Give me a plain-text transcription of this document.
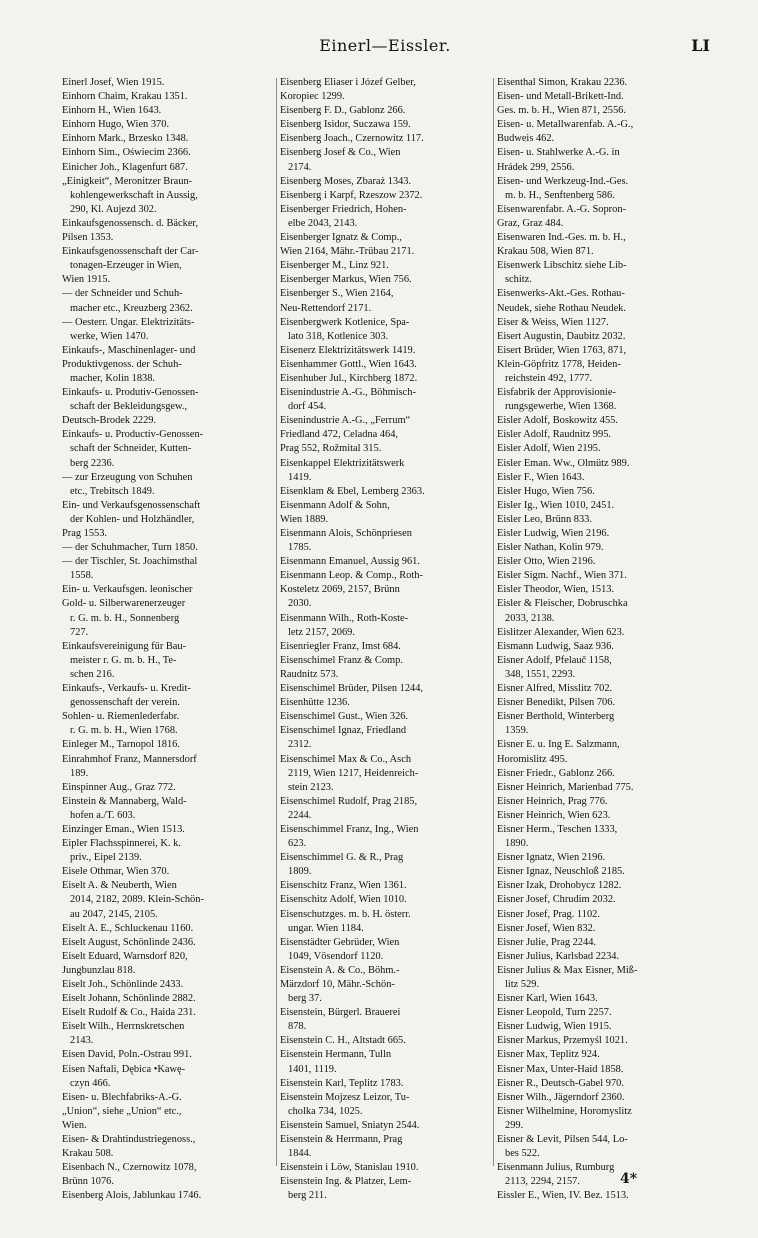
Einerl—Eissler.	LI
Einerl Josef, Wien 1915.
Einhorn Chaim, Krakau 1351.
Einhorn H., Wien 1643.
Einhorn Hugo, Wien 370.
Einhorn Mark., Brzesko 1348.
Einhorn Sim., Oświecim 2366.
Einicher Joh., Klagenfurt 687.
„Einigkeit“, Meronitzer Braun-
kohlengewerkschaft in Aussig,
290, Kl. Aujezd 302.
Einkaufsgenossensch. d. Bäcker,
Pilsen 1353.
Einkaufsgenossenschaft der Car-
tonagen-Erzeuger in Wien,
Wien 1915.
— der Schneider und Schuh-
macher etc., Kreuzberg 2362.
— Oesterr. Ungar. Elektrizitäts-
werke, Wien 1470.
Einkaufs-, Maschinenlager- und
Produktivgenoss. der Schuh-
macher, Kolin 1838.
Einkaufs- u. Produtiv-Genossen-
schaft der Bekleidungsgew.,
Deutsch-Brodek 2229.
Einkaufs- u. Productiv-Genossen-
schaft der Schneider, Kutten-
berg 2236.
— zur Erzeugung von Schuhen
etc., Trebitsch 1849.
Ein- und Verkaufsgenossenschaft
der Kohlen- und Holzhändler,
Prag 1553.
— der Schuhmacher, Turn 1850.
— der Tischler, St. Joachimsthal
1558.
Ein- u. Verkaufsgen. leonischer
Gold- u. Silberwarenerzeuger
r. G. m. b. H., Sonnenberg
727.
Einkaufsvereinigung für Bau-
meister r. G. m. b. H., Te-
schen 216.
Einkaufs-, Verkaufs- u. Kredit-
genossenschaft der verein.
Sohlen- u. Riemenlederfabr.
r. G. m. b. H., Wien 1768.
Einleger M., Tarnopol 1816.
Einrahmhof Franz, Mannersdorf
189.
Einspinner Aug., Graz 772.
Einstein & Mannaberg, Wald-
hofen a./T. 603.
Einzinger Eman., Wien 1513.
Eipler Flachsspinnerei, K. k.
priv., Eipel 2139.
Eisele Othmar, Wien 370.
Eiselt A. & Neuberth, Wien
2014, 2182, 2089. Klein-Schön-
au 2047, 2145, 2105.
Eiselt A. E., Schluckenau 1160.
Eiselt August, Schönlinde 2436.
Eiselt Eduard, Warnsdorf 820,
Jungbunzlau 818.
Eiselt Joh., Schönlinde 2433.
Eiselt Johann, Schönlinde 2882.
Eiselt Rudolf & Co., Haida 231.
Eiselt Wilh., Herrnskretschen
2143.
Eisen David, Poln.-Ostrau 991.
Eisen Naftali, Dębica •Kawę-
czyn 466.
Eisen- u. Blechfabriks-A.-G.
„Union“, siehe „Union“ etc.,
Wien.
Eisen- & Drahtindustriegenoss.,
Krakau 508.
Eisenbach N., Czernowitz 1078,
Brünn 1076.
Eisenberg Alois, Jablunkau 1746.
Eisenberg Eliaser i Józef Gelber,
Koropiec 1299.
Eisenberg F. D., Gablonz 266.
Eisenberg Isidor, Suczawa 159.
Eisenberg Joach., Czernowitz 117.
Eisenberg Josef & Co., Wien
2174.
Eisenberg Moses, Zbaraż 1343.
Eisenberg i Karpf, Rzeszow 2372.
Eisenberger Friedrich, Hohen-
elbe 2043, 2143.
Eisenberger Ignatz & Comp.,
Wien 2164, Mähr.-Trübau 2171.
Eisenberger M., Linz 921.
Eisenberger Markus, Wien 756.
Eisenberger S., Wien 2164,
Neu-Rettendorf 2171.
Eisenbergwerk Kotlenice, Spa-
lato 318, Kotlenice 303.
Eisenerz Elektrizitätswerk 1419.
Eisenhammer Gottl., Wien 1643.
Eisenhuber Jul., Kirchberg 1872.
Eisenindustrie A.-G., Böhmisch-
dorf 454.
Eisenindustrie A.-G., „Ferrum“
Friedland 472, Celadna 464,
Prag 552, Rožmital 315.
Eisenkappel Elektrizitätswerk
1419.
Eisenklam & Ebel, Lemberg 2363.
Eisenmann Adolf & Sohn,
Wien 1889.
Eisenmann Alois, Schönpriesen
1785.
Eisenmann Emanuel, Aussig 961.
Eisenmann Leop. & Comp., Roth-
Kosteletz 2069, 2157, Brünn
2030.
Eisenmann Wilh., Roth-Koste-
letz 2157, 2069.
Eisenriegler Franz, Imst 684.
Eisenschimel Franz & Comp.
Raudnitz 573.
Eisenschimel Brüder, Pilsen 1244,
Eisenhütte 1236.
Eisenschimel Gust., Wien 326.
Eisenschimel Ignaz, Friedland
2312.
Eisenschimel Max & Co., Asch
2119, Wien 1217, Heidenreich-
stein 2123.
Eisenschimel Rudolf, Prag 2185,
2244.
Eisenschimmel Franz, Ing., Wien
623.
Eisenschimmel G. & R., Prag
1809.
Eisenschitz Franz, Wien 1361.
Eisenschitz Adolf, Wien 1010.
Eisenschutzges. m. b. H. österr.
ungar. Wien 1184.
Eisenstädter Gebrüder, Wien
1049, Vösendorf 1120.
Eisenstein A. & Co., Böhm.-
Märzdorf 10, Mähr.-Schön-
berg 37.
Eisenstein, Bürgerl. Brauerei
878.
Eisenstein C. H., Altstadt 665.
Eisenstein Hermann, Tulln
1401, 1119.
Eisenstein Karl, Teplitz 1783.
Eisenstein Mojzesz Leizor, Tu-
cholka 734, 1025.
Eisenstein Samuel, Sniatyn 2544.
Eisenstein & Herrmann, Prag
1844.
Eisenstein i Löw, Stanislau 1910.
Eisenstein Ing. & Platzer, Lem-
berg 211.
Eisenthal Simon, Krakau 2236.
Eisen- und Metall-Brikett-Ind.
Ges. m. b. H., Wien 871, 2556.
Eisen- u. Metallwarenfab. A.-G.,
Budweis 462.
Eisen- u. Stahlwerke A.-G. in
Hrádek 299, 2556.
Eisen- und Werkzeug-Ind.-Ges.
m. b. H., Senftenberg 586.
Eisenwarenfabr. A.-G. Sopron-
Graz, Graz 484.
Eisenwaren Ind.-Ges. m. b. H.,
Krakau 508, Wien 871.
Eisenwerk Libschitz siehe Lib-
schitz.
Eisenwerks-Akt.-Ges. Rothau-
Neudek, siehe Rothau Neudek.
Eiser & Weiss, Wien 1127.
Eisert Augustin, Daubitz 2032.
Eisert Brüder, Wien 1763, 871,
Klein-Göpfritz 1778, Heiden-
reichstein 492, 1777.
Eisfabrik der Approvisionie-
rungsgewerbe, Wien 1368.
Eisler Adolf, Boskowitz 455.
Eisler Adolf, Raudnitz 995.
Eisler Adolf, Wien 2195.
Eisler Eman. Ww., Olmütz 989.
Eisler F., Wien 1643.
Eisler Hugo, Wien 756.
Eisler Ig., Wien 1010, 2451.
Eisler Leo, Brünn 833.
Eisler Ludwig, Wien 2196.
Eisler Nathan, Kolin 979.
Eisler Otto, Wien 2196.
Eisler Sigm. Nachf., Wien 371.
Eisler Theodor, Wien, 1513.
Eisler & Fleischer, Dobruschka
2033, 2138.
Eislitzer Alexander, Wien 623.
Eismann Ludwig, Saaz 936.
Eisner Adolf, Pfelauč 1158,
348, 1551, 2293.
Eisner Alfred, Misslitz 702.
Eisner Benedikt, Pilsen 706.
Eisner Berthold, Winterberg
1359.
Eisner E. u. Ing E. Salzmann,
Horomislitz 495.
Eisner Friedr., Gablonz 266.
Eisner Heinrich, Marienbad 775.
Eisner Heinrich, Prag 776.
Eisner Heinrich, Wien 623.
Eisner Herm., Teschen 1333,
1890.
Eisner Ignatz, Wien 2196.
Eisner Ignaz, Neuschloß 2185.
Eisner Izak, Drohobycz 1282.
Eisner Josef, Chrudim 2032.
Eisner Josef, Prag. 1102.
Eisner Josef, Wien 832.
Eisner Julie, Prag 2244.
Eisner Julius, Karlsbad 2234.
Eisner Julius & Max Eisner, Miß-
litz 529.
Eisner Karl, Wien 1643.
Eisner Leopold, Turn 2257.
Eisner Ludwig, Wien 1915.
Eisner Markus, Przemyśl 1021.
Eisner Max, Teplitz 924.
Eisner Max, Unter-Haid 1858.
Eisner R., Deutsch-Gabel 970.
Eisner Wilh., Jägerndorf 2360.
Eisner Wilhelmine, Horomyslitz
299.
Eisner & Levit, Pilsen 544, Lo-
bes 522.
Eisenmann Julius, Rumburg
2113, 2294, 2157.
Eissler E., Wien, IV. Bez. 1513.
4*
